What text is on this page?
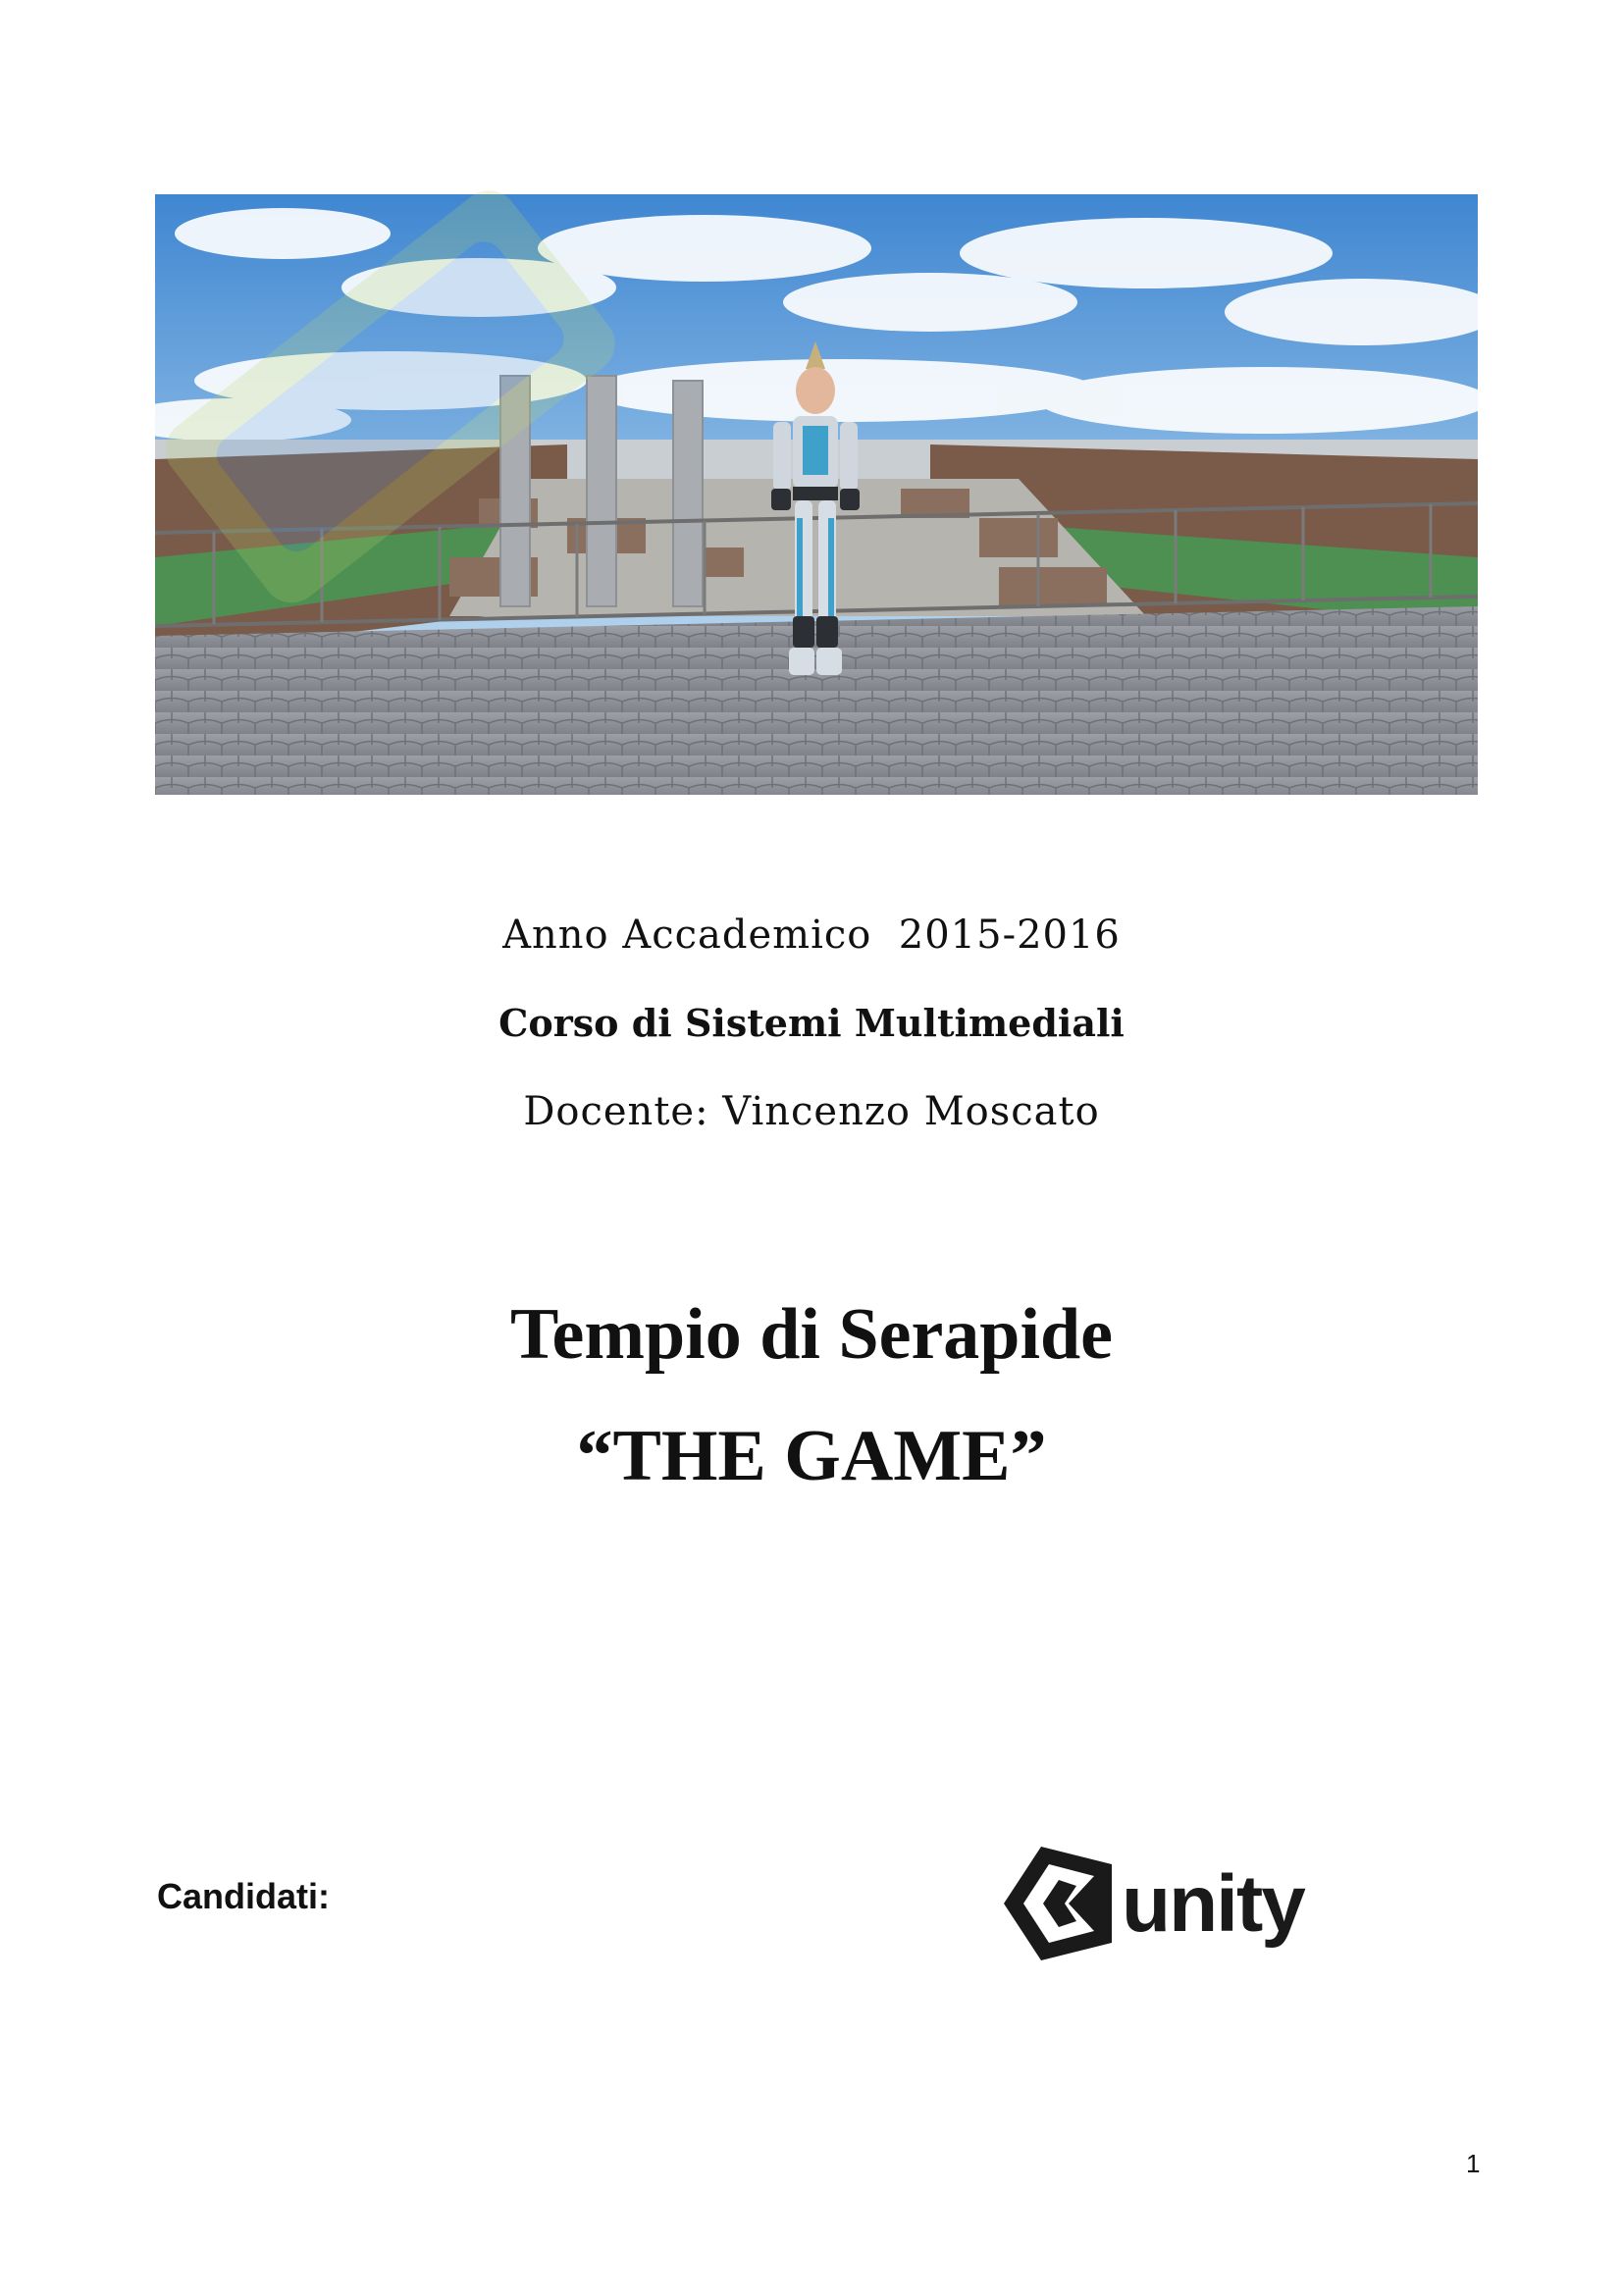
Anno Accademico  2015-2016
Corso di Sistemi Multimediali
Docente: Vincenzo Moscato
Tempio di Serapide
“THE GAME”
Candidati:	unity
1
